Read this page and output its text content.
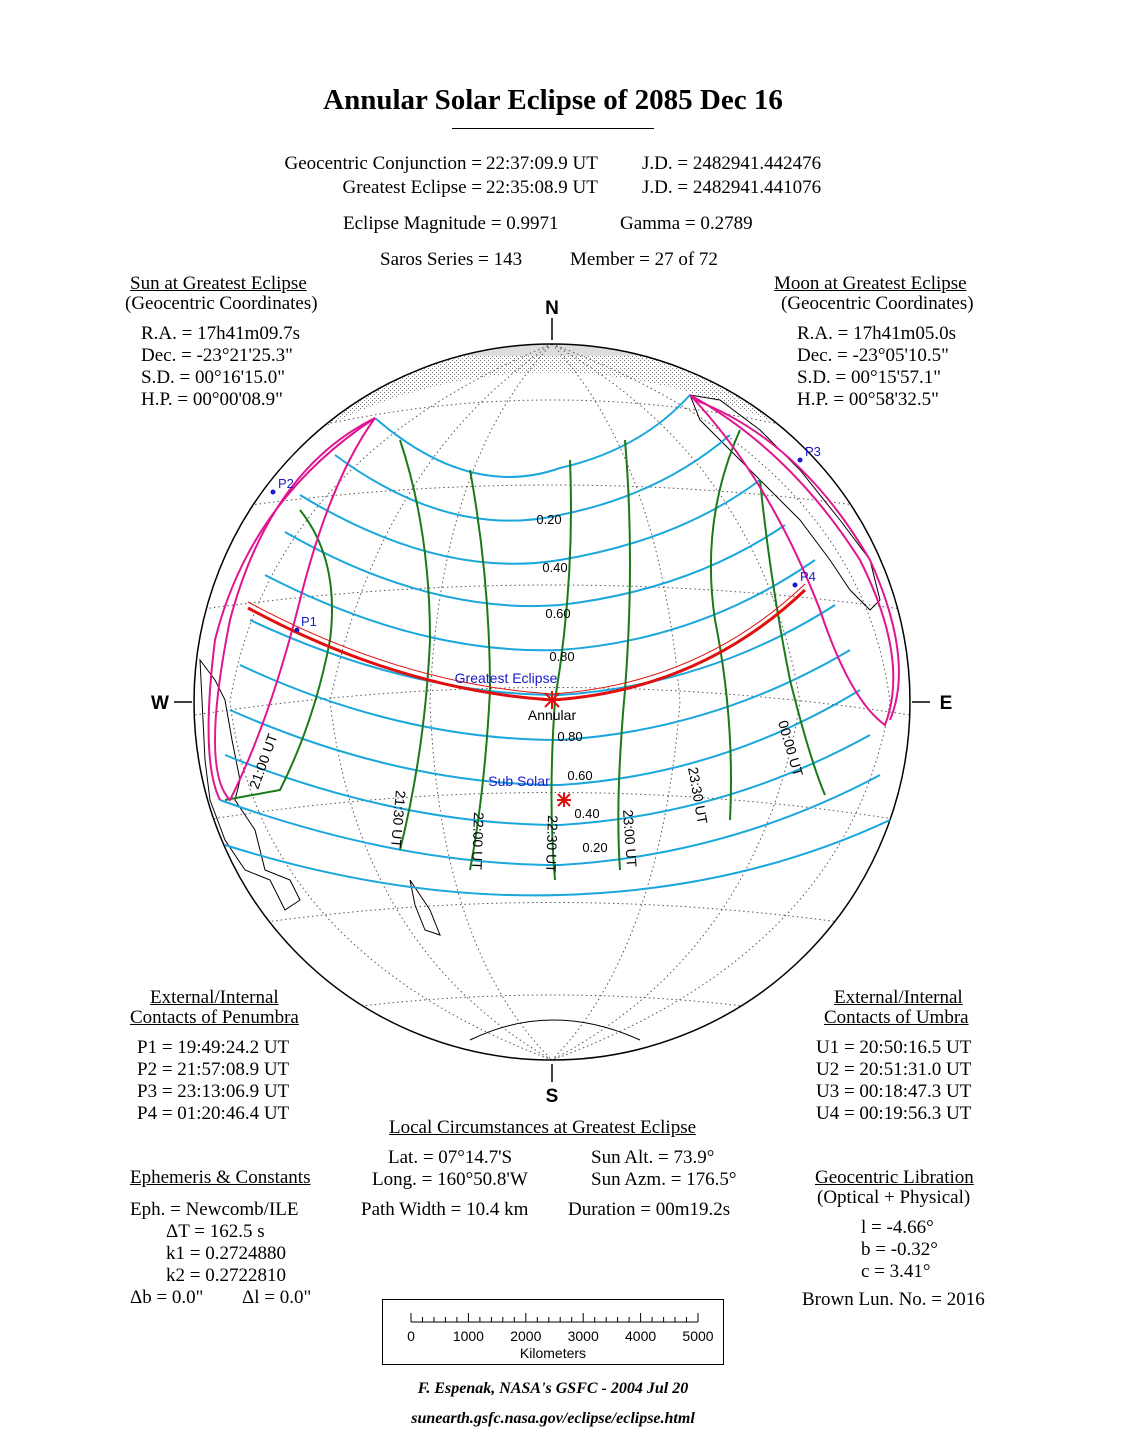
Annular Solar Eclipse of 2085 Dec 16
Geocentric Conjunction = 22:37:09.9 UT J.D. = 2482941.442476
Greatest Eclipse = 22:35:08.9 UT J.D. = 2482941.441076
Eclipse Magnitude = 0.9971	Gamma = 0.2789
Saros Series = 143	Member = 27 of 72
Sun at Greatest Eclipse
(Geocentric Coordinates)
R.A. = 17h41m09.7s
Dec. = -23°21'25.3"
S.D. = 00°16'15.0"
H.P. = 00°00'08.9"
Moon at Greatest Eclipse
(Geocentric Coordinates)
R.A. = 17h41m05.0s
Dec. = -23°05'10.5"
S.D. = 00°15'57.1"
H.P. = 00°58'32.5"
N
S
W	E
P1
P2
P3
P4
0.20
0.40
0.60
0.80
0.80
0.60
0.40
0.20
Greatest Eclipse
Annular
Sub Solar
21:00 UT
21:30 UT	22:00 UT	22:30 UT	23:00 UT
23:30 UT
00:00 UT
External/Internal
Contacts of Penumbra
P1 = 19:49:24.2 UT
P2 = 21:57:08.9 UT
P3 = 23:13:06.9 UT
P4 = 01:20:46.4 UT
External/Internal
Contacts of Umbra
U1 = 20:50:16.5 UT
U2 = 20:51:31.0 UT
U3 = 00:18:47.3 UT
U4 = 00:19:56.3 UT
Local Circumstances at Greatest Eclipse
Lat. = 07°14.7'S
Long. = 160°50.8'W
Sun Alt. = 73.9°
Sun Azm. = 176.5°
Path Width = 10.4 km Duration = 00m19.2s
Ephemeris & Constants
Eph. = Newcomb/ILE
ΔT = 162.5 s
k1 = 0.2724880
k2 = 0.2722810
Δb = 0.0" Δl = 0.0"
Geocentric Libration
(Optical + Physical)
l = -4.66°
b = -0.32°
c = 3.41°
Brown Lun. No. = 2016
0	1000 2000 3000 4000 5000
Kilometers
F. Espenak, NASA's GSFC - 2004 Jul 20
sunearth.gsfc.nasa.gov/eclipse/eclipse.html
